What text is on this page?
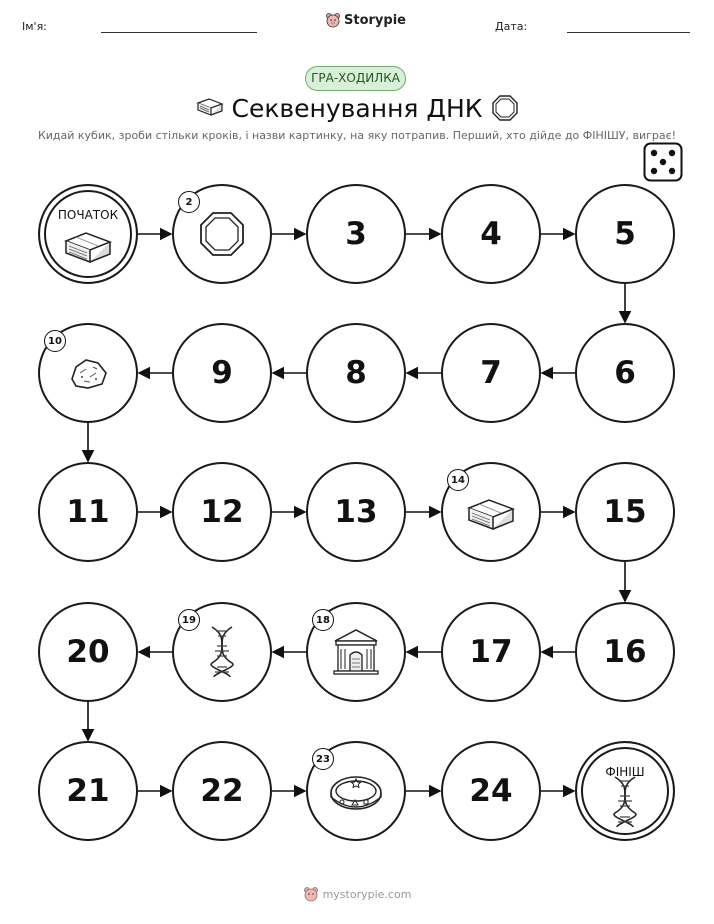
Ім'я:	Storypie	Дата:
ГРА-ХОДИЛКА
Секвенування ДНК
Кидай кубик, зроби стільки кроків, і назви картинку, на яку потрапив. Перший, хто дійде до ФІНІШУ, виграє!
ФІНІШ
24
22
21
20	17	16
15
13
12
11
9	8	7	6
5
4
3
ПОЧАТОК
2
10
14
18
19
23
mystorypie.com
